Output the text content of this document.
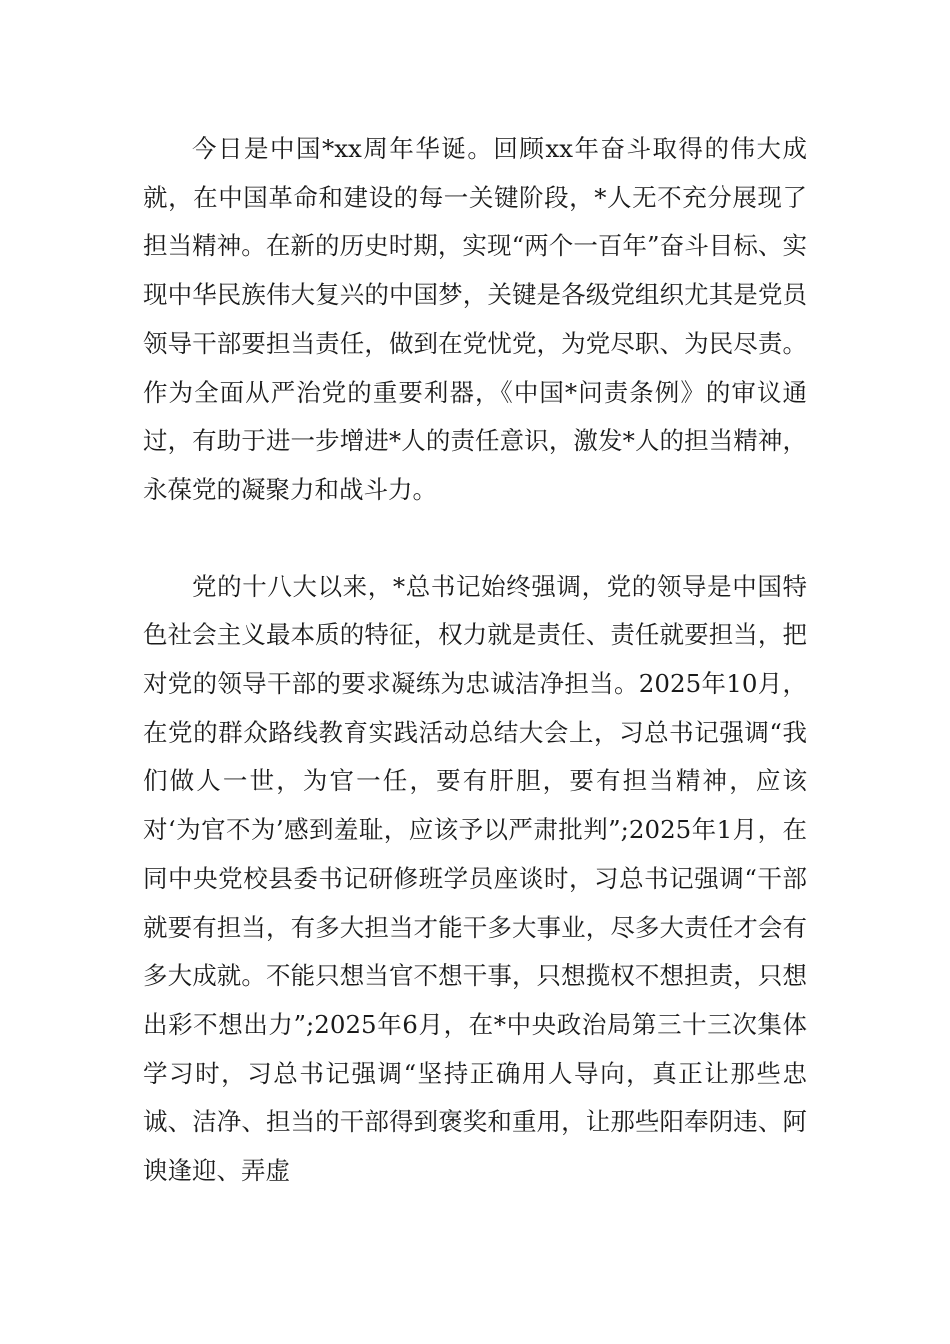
今日是中国*xx周年华诞。回顾xx年奋斗取得的伟大成就，在中国革命和建设的每一关键阶段，*人无不充分展现了担当精神。在新的历史时期，实现“两个一百年”奋斗目标、实现中华民族伟大复兴的中国梦，关键是各级党组织尤其是党员领导干部要担当责任，做到在党忧党，为党尽职、为民尽责。作为全面从严治党的重要利器，《中国*问责条例》的审议通过，有助于进一步增进*人的责任意识，激发*人的担当精神，永葆党的凝聚力和战斗力。

党的十八大以来，*总书记始终强调，党的领导是中国特色社会主义最本质的特征，权力就是责任、责任就要担当，把对党的领导干部的要求凝练为忠诚洁净担当。2025年10月，在党的群众路线教育实践活动总结大会上，习总书记强调“我们做人一世，为官一任，要有肝胆，要有担当精神，应该对‘为官不为’感到羞耻，应该予以严肃批判”;2025年1月，在同中央党校县委书记研修班学员座谈时，习总书记强调“干部就要有担当，有多大担当才能干多大事业，尽多大责任才会有多大成就。不能只想当官不想干事，只想揽权不想担责，只想出彩不想出力”;2025年6月，在*中央政治局第三十三次集体学习时，习总书记强调“坚持正确用人导向，真正让那些忠诚、洁净、担当的干部得到褒奖和重用，让那些阳奉阴违、阿谀逢迎、弄虚
